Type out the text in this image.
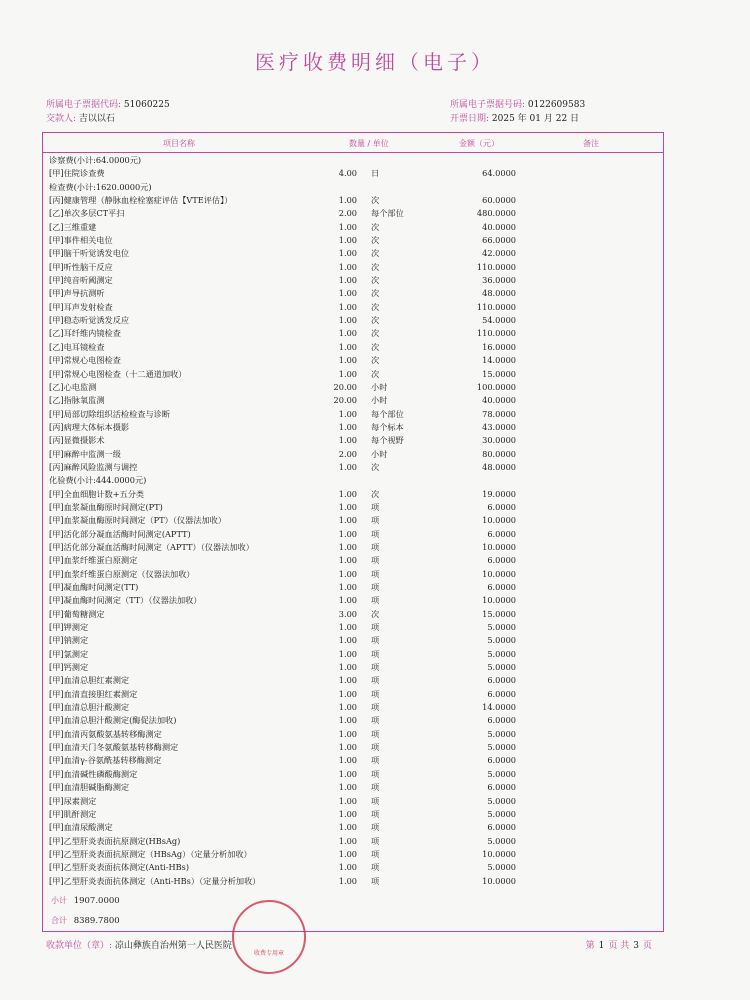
医疗收费明细（电子）
所属电子票据代码: 51060225
交款人: 吉以以石
所属电子票据号码: 0122609583
开票日期: 2025 年 01 月 22 日
项目名称	数量 / 单位	金额（元）	备注
诊察费(小计:64.0000元)
[甲]住院诊查费	4.00 日	64.0000
检查费(小计:1620.0000元)
[丙]健康管理（静脉血栓栓塞症评估【VTE评估】）	1.00 次	60.0000
[乙]单次多层CT平扫	2.00 每个部位	480.0000
[乙]三维重建	1.00 次	40.0000
[甲]事件相关电位	1.00 次	66.0000
[甲]脑干听觉诱发电位	1.00 次	42.0000
[甲]听性脑干反应	1.00 次	110.0000
[甲]纯音听阈测定	1.00 次	36.0000
[甲]声导抗测听	1.00 次	48.0000
[甲]耳声发射检查	1.00 次	110.0000
[甲]稳态听觉诱发反应	1.00 次	54.0000
[乙]耳纤维内镜检查	1.00 次	110.0000
[乙]电耳镜检查	1.00 次	16.0000
[甲]常规心电图检查	1.00 次	14.0000
[甲]常规心电图检查（十二通道加收）	1.00 次	15.0000
[乙]心电监测	20.00 小时	100.0000
[乙]指脉氧监测	20.00 小时	40.0000
[甲]局部切除组织活检检查与诊断	1.00 每个部位	78.0000
[丙]病理大体标本摄影	1.00 每个标本	43.0000
[丙]显微摄影术	1.00 每个视野	30.0000
[甲]麻醉中监测一级	2.00 小时	80.0000
[丙]麻醉风险监测与调控	1.00 次	48.0000
化验费(小计:444.0000元)
[甲]全血细胞计数+五分类	1.00 次	19.0000
[甲]血浆凝血酶原时间测定(PT)	1.00 项	6.0000
[甲]血浆凝血酶原时间测定（PT）（仪器法加收）	1.00 项	10.0000
[甲]活化部分凝血活酶时间测定(APTT)	1.00 项	6.0000
[甲]活化部分凝血活酶时间测定（APTT）（仪器法加收）	1.00 项	10.0000
[甲]血浆纤维蛋白原测定	1.00 项	6.0000
[甲]血浆纤维蛋白原测定（仪器法加收）	1.00 项	10.0000
[甲]凝血酶时间测定(TT)	1.00 项	6.0000
[甲]凝血酶时间测定（TT）（仪器法加收）	1.00 项	10.0000
[甲]葡萄糖测定	3.00 次	15.0000
[甲]钾测定	1.00 项	5.0000
[甲]钠测定	1.00 项	5.0000
[甲]氯测定	1.00 项	5.0000
[甲]钙测定	1.00 项	5.0000
[甲]血清总胆红素测定	1.00 项	6.0000
[甲]血清直接胆红素测定	1.00 项	6.0000
[甲]血清总胆汁酸测定	1.00 项	14.0000
[甲]血清总胆汁酸测定(酶促法加收)	1.00 项	6.0000
[甲]血清丙氨酸氨基转移酶测定	1.00 项	5.0000
[甲]血清天门冬氨酸氨基转移酶测定	1.00 项	5.0000
[甲]血清γ-谷氨酰基转移酶测定	1.00 项	6.0000
[甲]血清碱性磷酸酶测定	1.00 项	5.0000
[甲]血清胆碱脂酶测定	1.00 项	6.0000
[甲]尿素测定	1.00 项	5.0000
[甲]肌酐测定	1.00 项	5.0000
[甲]血清尿酸测定	1.00 项	6.0000
[甲]乙型肝炎表面抗原测定(HBsAg)	1.00 项	5.0000
[甲]乙型肝炎表面抗原测定（HBsAg）（定量分析加收）	1.00 项	10.0000
[甲]乙型肝炎表面抗体测定(Anti-HBs)	1.00 项	5.0000
[甲]乙型肝炎表面抗体测定（Anti-HBs）（定量分析加收）	1.00 项	10.0000
小计 1907.0000
合计 8389.7800
收款单位（章）: 凉山彝族自治州第一人民医院	第 1 页 共 3 页
收费专用章
